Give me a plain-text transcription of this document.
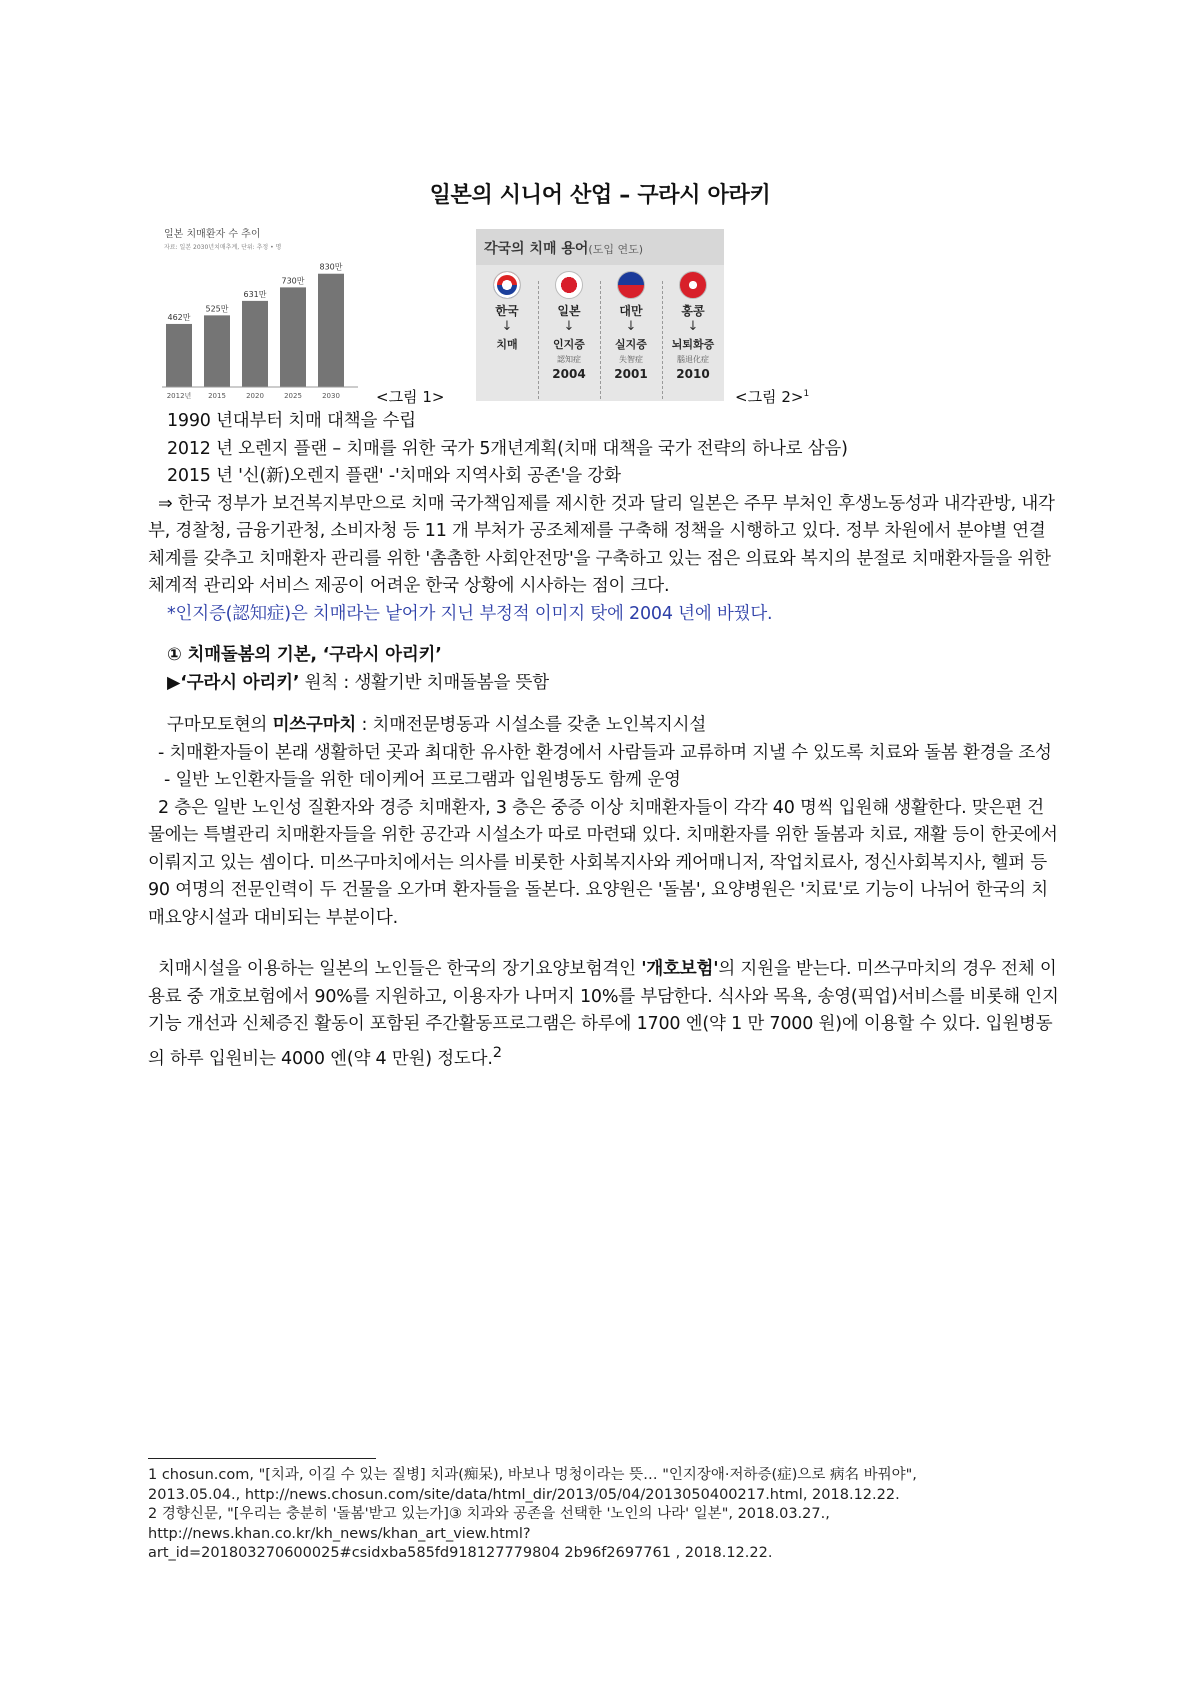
일본의 시니어 산업 – 구라시 아라키
462만
2012년
525만
2015
631만
2020
730만
2025
830만
2030
일본 치매환자 수 추이
자료: 일본 2030년치매추계, 단위: 추정 • 명
<그림 1>
각국의 치매 용어(도입 연도)
한국
↓
치매
일본
↓
인지증
認知症
2004
대만
↓
실지증
失智症
2001
홍콩
↓
뇌퇴화증
腦退化症
2010
<그림 2>$^1$

1990 년대부터 치매 대책을 수립

2012 년 오렌지 플랜 – 치매를 위한 국가 5개년계획(치매 대책을 국가 전략의 하나로 삼음)

2015 년 '신(新)오렌지 플랜' -'치매와 지역사회 공존'을 강화

⇒ 한국 정부가 보건복지부만으로 치매 국가책임제를 제시한 것과 달리 일본은 주무 부처인 후생노동성과 내각관방, 내각부, 경찰청, 금융기관청, 소비자청 등 11 개 부처가 공조체제를 구축해 정책을 시행하고 있다. 정부 차원에서 분야별 연결체계를 갖추고 치매환자 관리를 위한 '촘촘한 사회안전망'을 구축하고 있는 점은 의료와 복지의 분절로 치매환자들을 위한 체계적 관리와 서비스 제공이 어려운 한국 상황에 시사하는 점이 크다.

*인지증(認知症)은 치매라는 낱어가 지닌 부정적 이미지 탓에 2004 년에 바꿨다.

① 치매돌봄의 기본, ‘구라시 아리키’

▶‘구라시 아리키’ 원칙 : 생활기반 치매돌봄을 뜻함

구마모토현의 미쓰구마치 : 치매전문병동과 시설소를 갖춘 노인복지시설

- 치매환자들이 본래 생활하던 곳과 최대한 유사한 환경에서 사람들과 교류하며 지낼 수 있도록 치료와 돌봄 환경을 조성

- 일반 노인환자들을 위한 데이케어 프로그램과 입원병동도 함께 운영

2 층은 일반 노인성 질환자와 경증 치매환자, 3 층은 중증 이상 치매환자들이 각각 40 명씩 입원해 생활한다. 맞은편 건물에는 특별관리 치매환자들을 위한 공간과 시설소가 따로 마련돼 있다. 치매환자를 위한 돌봄과 치료, 재활 등이 한곳에서 이뤄지고 있는 셈이다. 미쓰구마치에서는 의사를 비롯한 사회복지사와 케어매니저, 작업치료사, 정신사회복지사, 헬퍼 등 90 여명의 전문인력이 두 건물을 오가며 환자들을 돌본다. 요양원은 '돌봄', 요양병원은 '치료'로 기능이 나뉘어 한국의 치매요양시설과 대비되는 부분이다.

치매시설을 이용하는 일본의 노인들은 한국의 장기요양보험격인 '개호보험'의 지원을 받는다. 미쓰구마치의 경우 전체 이용료 중 개호보험에서 90%를 지원하고, 이용자가 나머지 10%를 부담한다. 식사와 목욕, 송영(픽업)서비스를 비롯해 인지기능 개선과 신체증진 활동이 포함된 주간활동프로그램은 하루에 1700 엔(약 1 만 7000 원)에 이용할 수 있다. 입원병동의 하루 입원비는 4000 엔(약 4 만원) 정도다.$^2$

1 chosun.com, "[치과, 이길 수 있는 질병] 치과(痴呆), 바보나 멍청이라는 뜻… "인지장애·저하증(症)으로 病名 바꿔야",

2013.05.04., http://news.chosun.com/site/data/html_dir/2013/05/04/2013050400217.html, 2018.12.22.

2 경향신문, "[우리는 충분히 '돌봄'받고 있는가]③ 치과와 공존을 선택한 '노인의 나라' 일본", 2018.03.27.,

http://news.khan.co.kr/kh_news/khan_art_view.html?

art_id=201803270600025#csidxba585fd918127779804 2b96f2697761 , 2018.12.22.
